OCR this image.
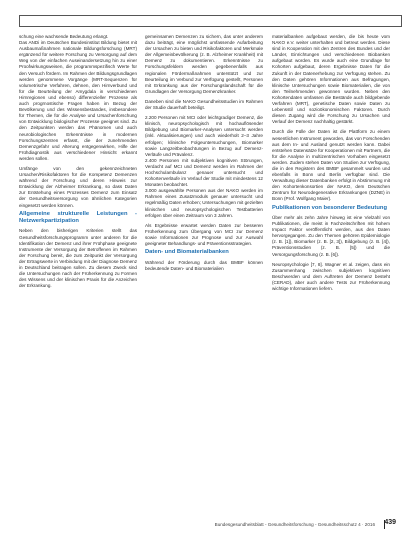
schung eine wachsende Bedeutung erlangt.

Das ANDi im Deutschen Bundesinstitut Bildung bietet mit Ausbaumaßnahmen nationale Bildungsforschung (MRT) ergänzend für weitere Forschung zu Versorgung auf dem Weg von der einfachen Auseinandersetzung hin zu einer Proofwirkungsweisen, die programmspezifisch Werte für den Versuch fördern. Im Rahmen der Bildungsgrundlagen werden genommene Vorgänge (MRT-Sequenzen für volumetrische Verfahren, dehnen, den Hirnverbund und für die Beurteilung der Amygdala in verschiedenen Hirnregionen und ebenso) differenzieller Prozesse als auch progrnostische Fragen haben im Bezug der Bevölkerung und des Wissensbestandes, insbesondere für Themen, die für die Analyse und Ursachenforschung von Entwicklung biologischer Prozesse geeignet sind. Zu den Zeitpunkten werden das Phänomen und auch neurobiologischen Erkenntnisse in modernen Forschungszentren erfasst, die der zunehmenden Demenzgefahr und Alterung entgegenwirken, Hilfe der Frühdiagnostik aus verschiedener Hinsicht erkannt werden sollen.

Umfänge von den gekennzeichneten Ursachen/Risikofaktoren für die Kompetenz Demenzen während der Forschung und deren Hinweis zur Entwicklung der Alzheimer Erkrankung, so dass Daten zur Entstehung eines Prozesses Demenz zum Einsatz der Gesundheitsversorgung von ähnlichen Kategorien eingesetzt werden können.

Allgemeine strukturelle Leistungen - Netzwerkpartizipation

Neben den bisherigen Kriterien stellt das Gesundheitsforschungsprogramm unter anderen für die Identifikation der Demenz und ihrer Frühphase geeignete Instrumente der Versorgung der Betroffenen im Rahmen der Forschung bereit, die zum Zeitpunkt der Versorgung der Ertragswerte in Verbindung mit der Diagnose Demenz in Deutschland beitragen sollen. Zu diesem Zweck sind die Untersuchungen nach der Früherkennung zu Formen des Wissens und der klinischen Praxis für die Anzeichen der Erkrankung.

gemeinsamen Demenzen zu sichern, das unter anderem dazu beiträgt, eine möglichst umfassende Aufarbeitung der Ursachen zu bieten und Risikofaktoren und Merkmale der Allgemeinbevölkerung (z. B. Alzheimer Krankheit) mit Demenz zu dokumentieren. Erkenntnisse zu Forschungsfeldern werden gegebenenfalls aus regionalen Fördermaßnahmen unterstützt und zur Beurteilung im Verbund zur Verfügung gestellt, Personen mit Erkrankung aus der Forschungslandschaft für die Grundlagen der Versorgung Demenzkranker.

Daneben sind die NAKO Gesundheitsstudien im Rahmen der Studie dauerhaft beteiligt.

2.200 Personen mit MCI oder leichtgradiger Demenz, die klinisch, neuropsychologisch mit hochauflösender Bildgebung und Biomarker-Analysen untersucht werden (inkl. Aktualisierungen) und auch wiederholt 2–3 Jahre erfolgen; klinische Folgeuntersuchungen, Biomarker sowie Langzeitbeobachtungen in Bezug auf Demenz-Verläufe und Prävalenz.

2.400 Personen mit subjektiven kognitiven Störungen, Verdacht auf MCI und Demenz werden im Rahmen der Hochschulambulanz genauer untersucht und Kohortenverläufe im Verlauf der Studie mit mindestens 12 Monaten beobachtet.

3.000 ausgewählte Personen aus der NAKO werden im Rahmen eines Zusatzmoduls genauer untersucht und regelmäßig Daten erhoben; Untersuchungen mit gezielten klinischen und neuropsychologischen Testbatterien erfolgen über einen Zeitraum von 3 Jahren.

Als Ergebnisse erwartet werden Daten zur besseren Früherkennung zum Übergang von MCI zur Demenz sowie Informationen zur Prognose und zur Auswahl geeigneter Behandlungs- und Präventionsstrategien.

Daten- und Biomaterialbanken

Während der Förderung durch das BMBF können bedeutende Daten- und Biomaterialien

materialbanken aufgebaut werden, die bis heute vom NAKO e.V. weiter unterhalten und betreut werden. Diese sind in Kooperation mit den Zentren des Bundes und der Länder, Einrichtungen und verschiedenen Biobanken aufgebaut worden. Es wurde auch eine Grundlage für Kohorten aufgebaut, deren Ergebnisse Daten für die Zukunft in der Datenerhebung zur Verfügung stehen. Zu den Daten gehören Informationen aus Befragungen, klinische Untersuchungen sowie Biomaterialien, die von den Teilnehmenden gewonnen wurden. Neben den Kohortendaten umfassen die Bestände auch bildgebende Verfahren (MRT), genetische Daten sowie Daten zu Lebensstil und sozioökonomischen Faktoren. Durch diesen Zugang wird die Forschung zu Ursachen und Verlauf der Demenz nachhaltig gestärkt.

Durch die Fülle der Daten ist die Plattform zu einem wesentlichen Instrument geworden, das von Forschenden aus dem In- und Ausland genutzt werden kann. Dabei entstehen Datensätze für Kooperationen mit Partnern, die für die Analyse in multizentrischen Vorhaben eingesetzt werden. Zudem stehen Daten von Studien zur Verfügung, die in den Registern des BMBF gesammelt wurden und ebenfalls in Bonn und Berlin verfügbar sind. Die Verwaltung dieser Datenbanken erfolgt in Abstimmung mit den Kohortenkonsortien der NAKO, dem Deutschen Zentrum für Neurodegenerative Erkrankungen (DZNE) in Bonn (Prof. Wolfgang Maier).

Publikationen von besonderer Bedeutung

Über mehr als zehn Jahre hinweg ist eine Vielzahl von Publikationen, die meist in Fachzeitschriften mit hohem Impact Faktor veröffentlicht werden, aus den Daten hervorgegangen. Zu den Themen gehören Epidemiologie (z. B. [1]), Biomarker (z. B. [2, 3]), Bildgebung (z. B. [4]), Präventionsstudien (z. B. [5]) und die Versorgungsforschung (z. B. [6]).

Neuropsychologie [7, 8]. Wagner et al. zeigen, dass ein Zusammenhang zwischen subjektiven kognitiven Beschwerden und dem Auftreten der Demenz besteht (CERAD), aber auch andere Tests zur Früherkennung wichtige Informationen liefern.

Bundesgesundheitsblatt - Gesundheitsforschung - Gesundheitsschutz 4 · 2016 439
